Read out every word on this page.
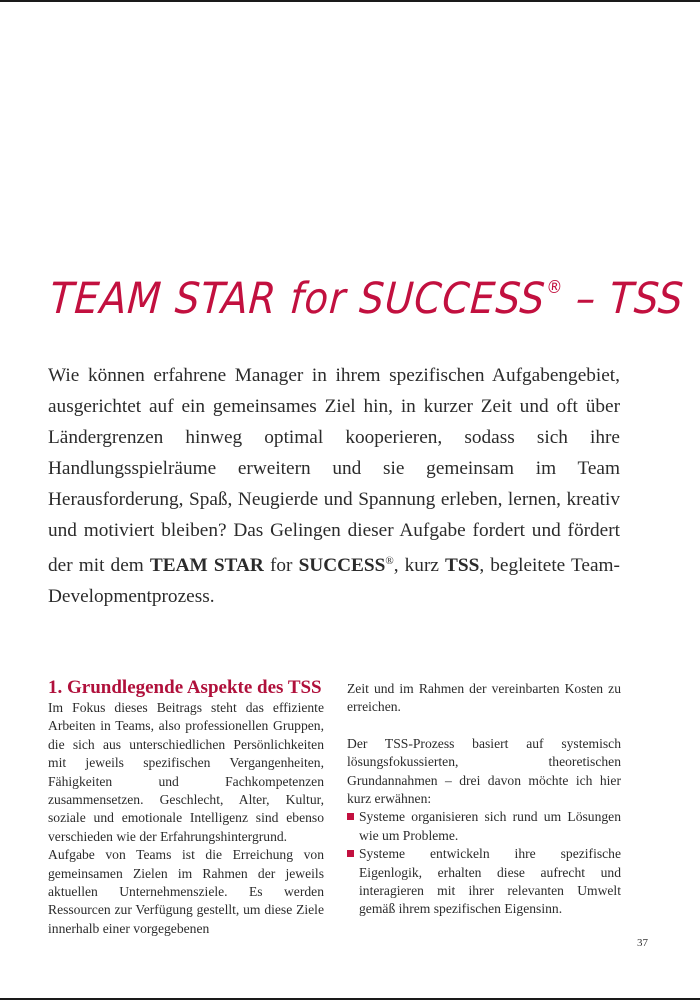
TEAM STAR for SUCCESS® – TSS
Wie können erfahrene Manager in ihrem spezifischen Aufgabengebiet, ausgerichtet auf ein gemeinsames Ziel hin, in kurzer Zeit und oft über Ländergrenzen hinweg optimal kooperieren, sodass sich ihre Handlungsspielräume erweitern und sie gemeinsam im Team Herausforderung, Spaß, Neugierde und Spannung erleben, lernen, kreativ und motiviert bleiben? Das Gelingen dieser Aufgabe fordert und fördert der mit dem TEAM STAR for SUCCESS®, kurz TSS, begleitete Team-Developmentprozess.
1. Grundlegende Aspekte des TSS

Im Fokus dieses Beitrags steht das effiziente Arbeiten in Teams, also professionellen Gruppen, die sich aus unterschiedlichen Persönlichkeiten mit jeweils spezifischen Vergangenheiten, Fähigkeiten und Fachkompetenzen zusammensetzen. Geschlecht, Alter, Kultur, soziale und emotionale Intelligenz sind ebenso verschieden wie der Erfahrungshintergrund.

Aufgabe von Teams ist die Erreichung von gemeinsamen Zielen im Rahmen der jeweils aktuellen Unternehmensziele. Es werden Ressourcen zur Verfügung gestellt, um diese Ziele innerhalb einer vorgegebenen

Zeit und im Rahmen der vereinbarten Kosten zu erreichen.

Der TSS-Prozess basiert auf systemisch lösungsfokussierten, theoretischen Grundannahmen – drei davon möchte ich hier kurz erwähnen:

Systeme organisieren sich rund um Lösungen wie um Probleme.
Systeme entwickeln ihre spezifische Eigenlogik, erhalten diese aufrecht und interagieren mit ihrer relevanten Umwelt gemäß ihrem spezifischen Eigensinn.
37
